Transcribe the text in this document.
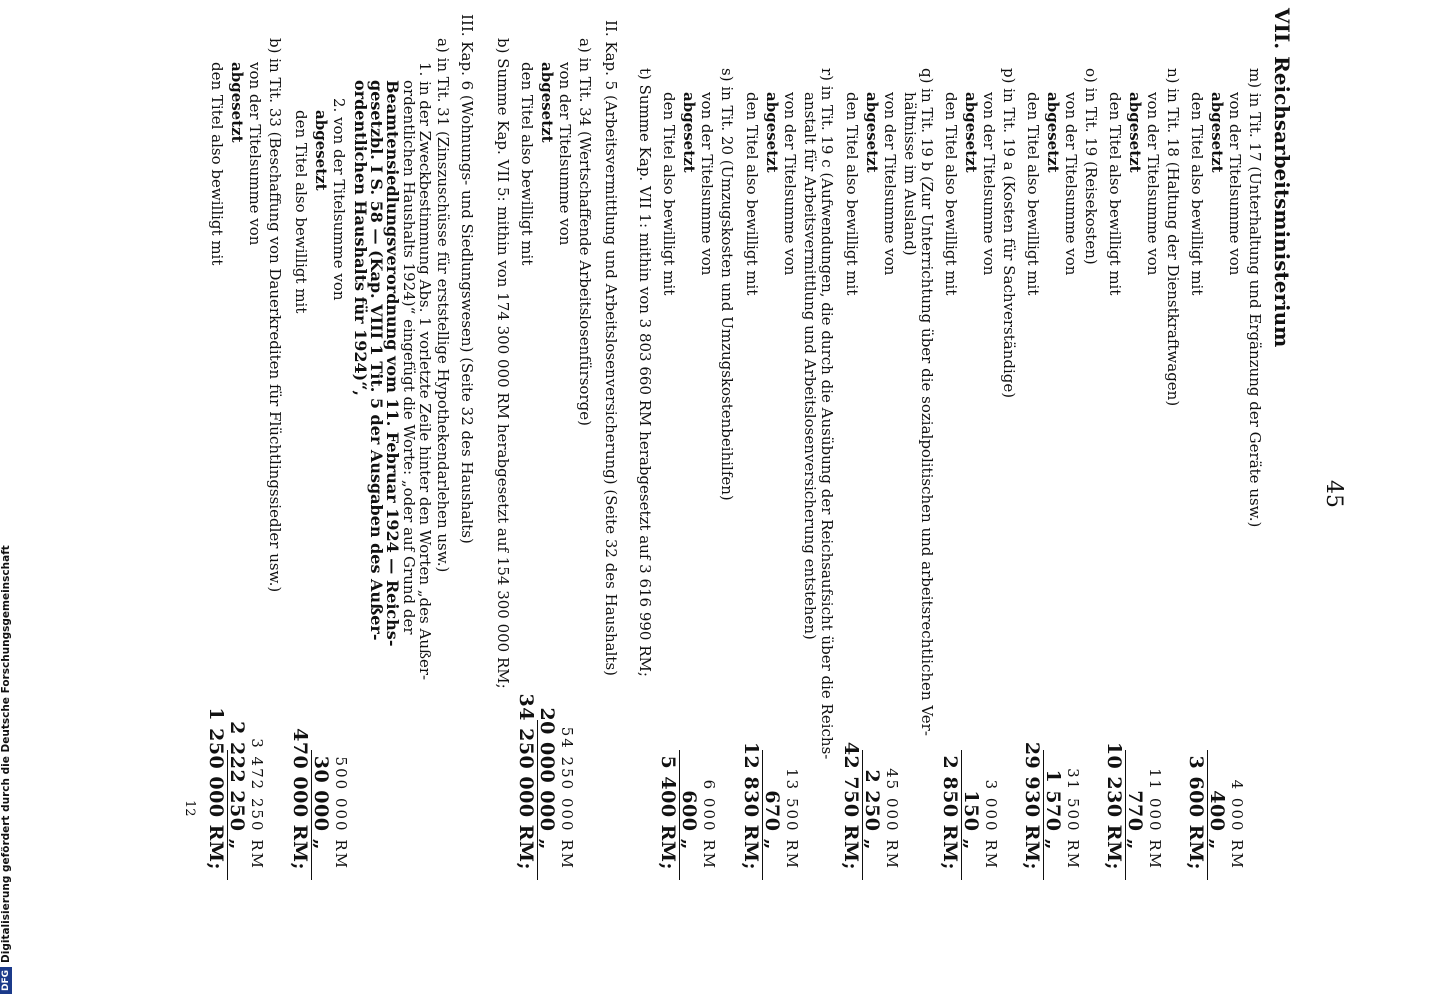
45
VII. Reichsarbeitsministerium
m) in Tit. 17 (Unterhaltung und Ergänzung der Geräte usw.)
von der Titelsumme von
abgesetzt
den Titel also bewilligt mit
4 000 RM
400 „
3 600 RM;
n) in Tit. 18 (Haltung der Dienstkraftwagen)
von der Titelsumme von
abgesetzt
den Titel also bewilligt mit
11 000 RM
770 „
10 230 RM;
o) in Tit. 19 (Reisekosten)
von der Titelsumme von
abgesetzt
den Titel also bewilligt mit
31 500 RM
1 570 „
29 930 RM;
p) in Tit. 19 a (Kosten für Sachverständige)
von der Titelsumme von
abgesetzt
den Titel also bewilligt mit
3 000 RM
150 „
2 850 RM;
q) in Tit. 19 b (Zur Unterrichtung über die sozialpolitischen und arbeitsrechtlichen Ver-
hältnisse im Ausland)
von der Titelsumme von
abgesetzt
den Titel also bewilligt mit
45 000 RM
2 250 „
42 750 RM;
r) in Tit. 19 c (Aufwendungen, die durch die Ausübung der Reichsaufsicht über die Reichs-
anstalt für Arbeitsvermittlung und Arbeitslosenversicherung entstehen)
von der Titelsumme von
abgesetzt
den Titel also bewilligt mit
13 500 RM
670 „
12 830 RM;
s) in Tit. 20 (Umzugskosten und Umzugskostenbeihilfen)
von der Titelsumme von
abgesetzt
den Titel also bewilligt mit
6 000 RM
600 „
5 400 RM;
t) Summe Kap. VII 1: mithin von 3 803 660 RM herabgesetzt auf 3 616 990 RM;
II. Kap. 5 (Arbeitsvermittlung und Arbeitslosenversicherung) (Seite 32 des Haushalts)
a) in Tit. 34 (Wertschaffende Arbeitslosenfürsorge)
von der Titelsumme von
abgesetzt
den Titel also bewilligt mit
54 250 000 RM
20 000 000 „
34 250 000 RM;
b) Summe Kap. VII 5: mithin von 174 300 000 RM herabgesetzt auf 154 300 000 RM;
III. Kap. 6 (Wohnungs- und Siedlungswesen) (Seite 32 des Haushalts)
a) in Tit. 31 (Zinszuschüsse für erststellige Hypothekendarlehen usw.)
1. in der Zweckbestimmung Abs. 1 vorletzte Zeile hinter den Worten „des Außer-
ordentlichen Haushalts 1924)“ eingefügt die Worte: „oder auf Grund der
Beamtensiedlungsverordnung vom 11. Februar 1924 — Reichs-
gesetzbl. I S. 58 — (Kap. VIII 1 Tit. 5 der Ausgaben des Außer-
ordentlichen Haushalts für 1924)“,
2. von der Titelsumme von
abgesetzt
den Titel also bewilligt mit
500 000 RM
30 000 „
470 000 RM;
b) in Tit. 33 (Beschaffung von Dauerkrediten für Flüchtlingssiedler usw.)
von der Titelsumme von
abgesetzt
den Titel also bewilligt mit
3 472 250 RM
2 222 250 „
1 250 000 RM;
12
DFG
Digitalisierung gefördert durch die Deutsche Forschungsgemeinschaft
